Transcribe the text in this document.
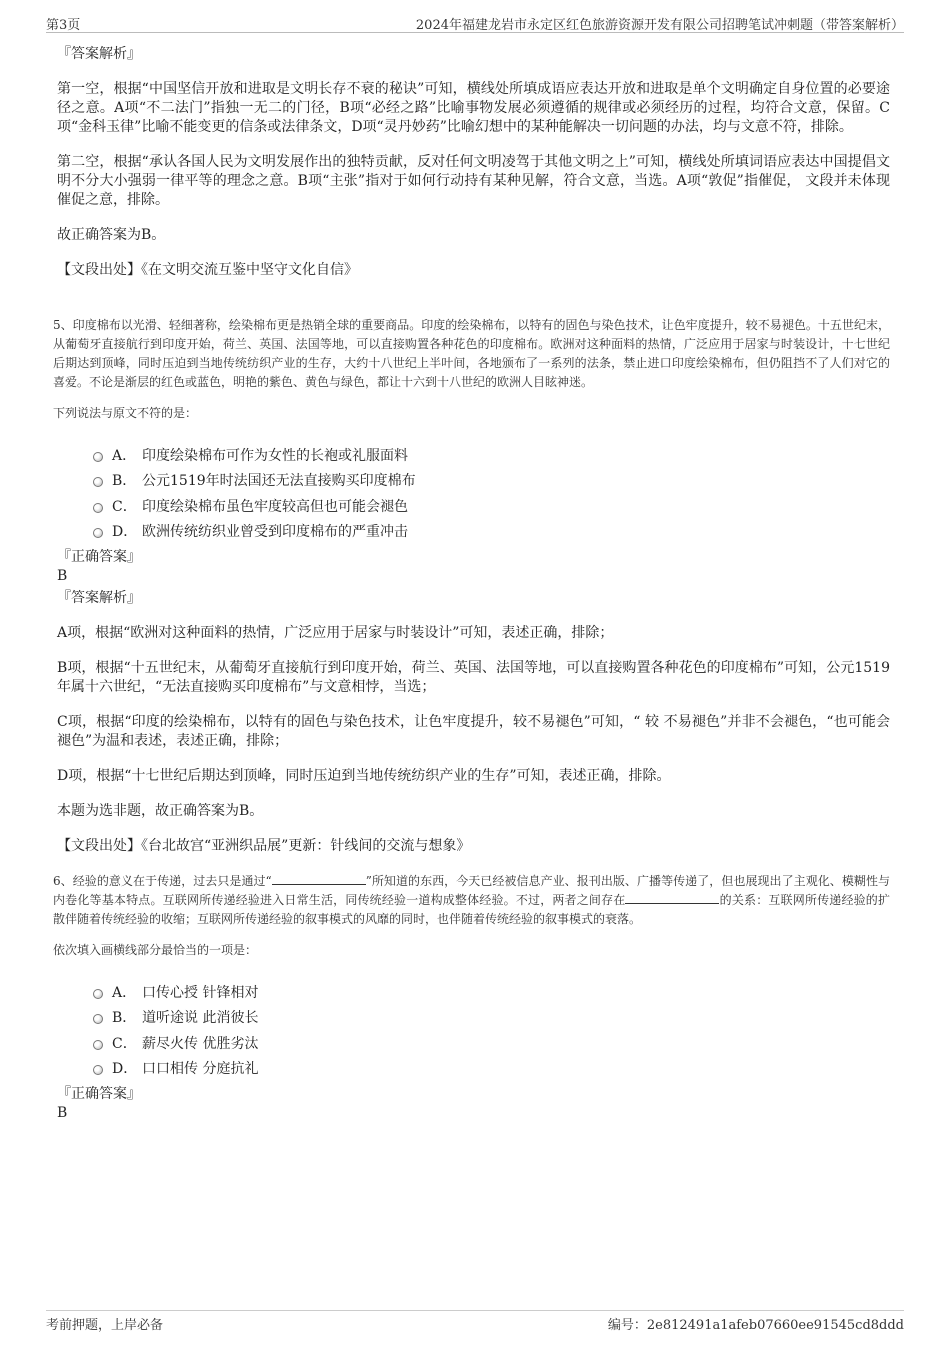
第3页	2024年福建龙岩市永定区红色旅游资源开发有限公司招聘笔试冲刺题（带答案解析）
『答案解析』

第一空，根据“中国坚信开放和进取是文明长存不衰的秘诀”可知，横线处所填成语应表达开放和进取是单个文明确定自身位置的必要途径之意。A项“不二法门”指独一无二的门径，B项“必经之路”比喻事物发展必须遵循的规律或必须经历的过程，均符合文意，保留。C项“金科玉律”比喻不能变更的信条或法律条文，D项“灵丹妙药”比喻幻想中的某种能解决一切问题的办法，均与文意不符，排除。

第二空，根据“承认各国人民为文明发展作出的独特贡献，反对任何文明凌驾于其他文明之上”可知，横线处所填词语应表达中国提倡文明不分大小强弱一律平等的理念之意。B项“主张”指对于如何行动持有某种见解，符合文意，当选。A项“敦促”指催促， 文段并未体现催促之意，排除。

故正确答案为B。

【文段出处】《在文明交流互鉴中坚守文化自信》

5、印度棉布以光滑、轻细著称，绘染棉布更是热销全球的重要商品。印度的绘染棉布，以特有的固色与染色技术，让色牢度提升，较不易褪色。十五世纪末，从葡萄牙直接航行到印度开始，荷兰、英国、法国等地，可以直接购置各种花色的印度棉布。欧洲对这种面料的热情，广泛应用于居家与时装设计，十七世纪后期达到顶峰，同时压迫到当地传统纺织产业的生存，大约十八世纪上半叶间，各地颁布了一系列的法条，禁止进口印度绘染棉布，但仍阻挡不了人们对它的喜爱。不论是渐层的红色或蓝色，明艳的紫色、黄色与绿色，都让十六到十八世纪的欧洲人目眩神迷。

下列说法与原文不符的是：

A． 印度绘染棉布可作为女性的长袍或礼服面料
B． 公元1519年时法国还无法直接购买印度棉布
C． 印度绘染棉布虽色牢度较高但也可能会褪色
D． 欧洲传统纺织业曾受到印度棉布的严重冲击

『正确答案』

B

『答案解析』

A项，根据“欧洲对这种面料的热情，广泛应用于居家与时装设计”可知，表述正确，排除；

B项，根据“十五世纪末，从葡萄牙直接航行到印度开始，荷兰、英国、法国等地，可以直接购置各种花色的印度棉布”可知，公元1519年属十六世纪，“无法直接购买印度棉布”与文意相悖，当选；

C项，根据“印度的绘染棉布，以特有的固色与染色技术，让色牢度提升，较不易褪色”可知，“ 较 不易褪色”并非不会褪色，“也可能会褪色”为温和表述，表述正确，排除；

D项，根据“十七世纪后期达到顶峰，同时压迫到当地传统纺织产业的生存”可知，表述正确，排除。

本题为选非题，故正确答案为B。

【文段出处】《台北故宫“亚洲织品展”更新：针线间的交流与想象》

6、经验的意义在于传递，过去只是通过“	”所知道的东西，今天已经被信息产业、报刊出版、广播等传递了，但也展现出了主观化、模糊性与内卷化等基本特点。互联网所传递经验进入日常生活，同传统经验一道构成整体经验。不过，两者之间存在	的关系：互联网所传递经验的扩散伴随着传统经验的收缩；互联网所传递经验的叙事模式的风靡的同时，也伴随着传统经验的叙事模式的衰落。

依次填入画横线部分最恰当的一项是：

A． 口传心授 针锋相对
B． 道听途说 此消彼长
C． 薪尽火传 优胜劣汰
D． 口口相传 分庭抗礼

『正确答案』

B

考前押题，上岸必备	编号：2e812491a1afeb07660ee91545cd8ddd
